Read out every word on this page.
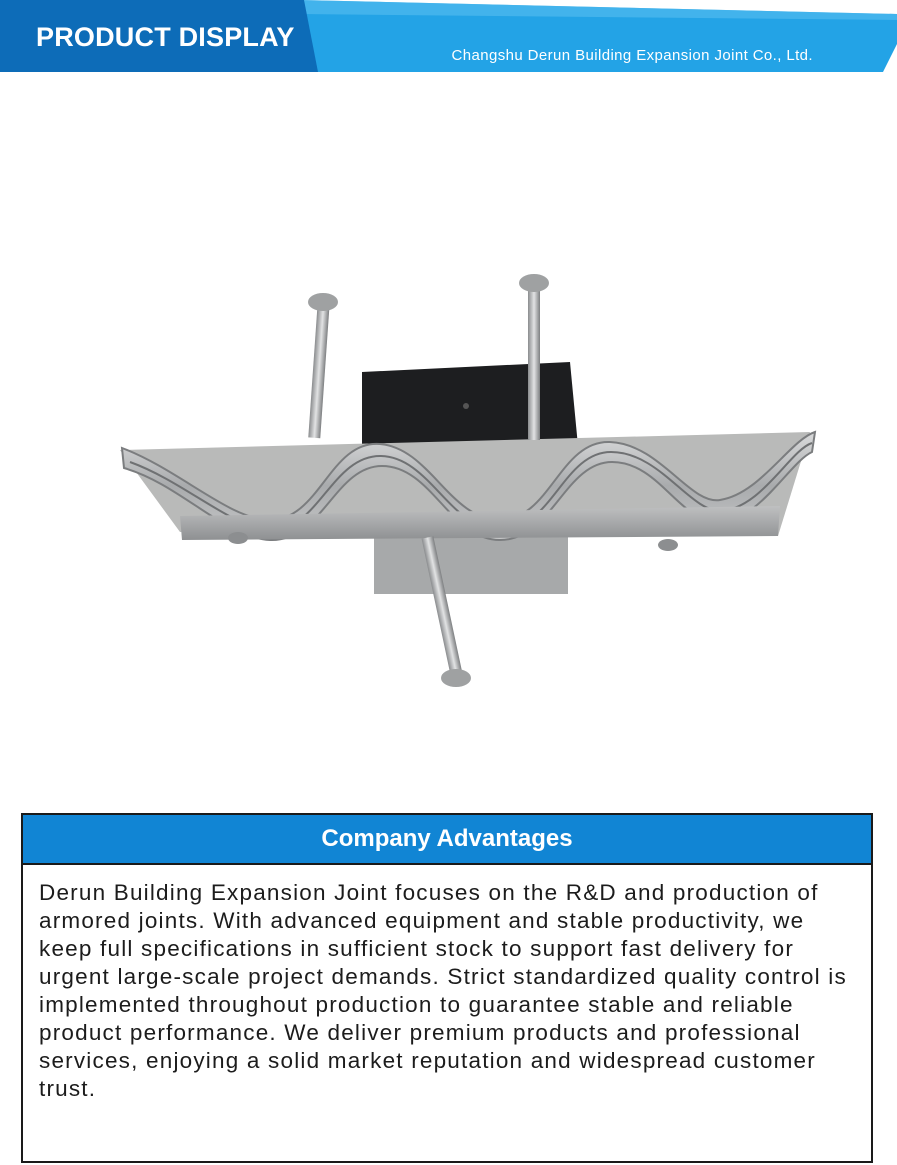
PRODUCT DISPLAY
Changshu Derun Building Expansion Joint Co., Ltd.
Company Advantages
Derun Building Expansion Joint focuses on the R&D and production of armored joints. With advanced equipment and stable productivity, we keep full specifications in sufficient stock to support fast delivery for urgent large-scale project demands. Strict standardized quality control is implemented throughout production to guarantee stable and reliable product performance. We deliver premium products and professional services, enjoying a solid market reputation and widespread customer trust.
